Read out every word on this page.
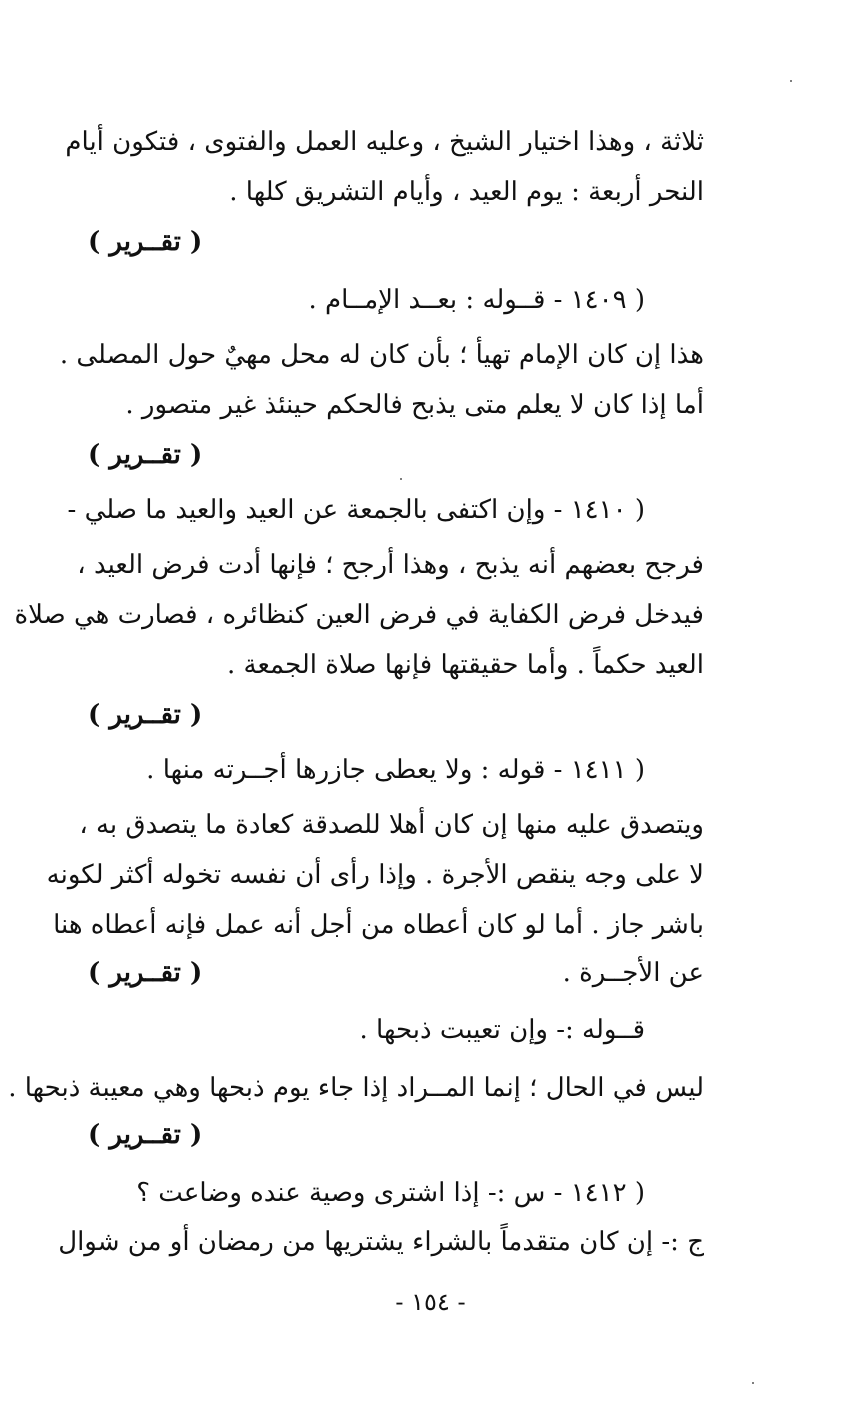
ثلاثة ، وهذا اختيار الشيخ ، وعليه العمل والفتوى ، فتكون أيام
النحر أربعة : يوم العيد ، وأيام التشريق كلها .
( تقــرير )
( ١٤٠٩ - قــوله : بعــد الإمــام .
هذا إن كان الإمام تهيأ ؛ بأن كان له محل مهيٌ حول المصلى .
أما إذا كان لا يعلم متى يذبح فالحكم حينئذ غير متصور .
( تقــرير )
( ١٤١٠ - وإن اكتفى بالجمعة عن العيد والعيد ما صلي -
فرجح بعضهم أنه يذبح ، وهذا أرجح ؛ فإنها أدت فرض العيد ،
فيدخل فرض الكفاية في فرض العين كنظائره ، فصارت هي صلاة
العيد حكماً . وأما حقيقتها فإنها صلاة الجمعة .
( تقــرير )
( ١٤١١ - قوله : ولا يعطى جازرها أجــرته منها .
ويتصدق عليه منها إن كان أهلا للصدقة كعادة ما يتصدق به ،
لا على وجه ينقص الأجرة . وإذا رأى أن نفسه تخوله أكثر لكونه
باشر جاز . أما لو كان أعطاه من أجل أنه عمل فإنه أعطاه هنا
عن الأجــرة .
( تقــرير )
قــوله :- وإن تعيبت ذبحها .
ليس في الحال ؛ إنما المــراد إذا جاء يوم ذبحها وهي معيبة ذبحها .
( تقــرير )
( ١٤١٢ - س :- إذا اشترى وصية عنده وضاعت ؟
ج :- إن كان متقدماً بالشراء يشتريها من رمضان أو من شوال
- ١٥٤ -
